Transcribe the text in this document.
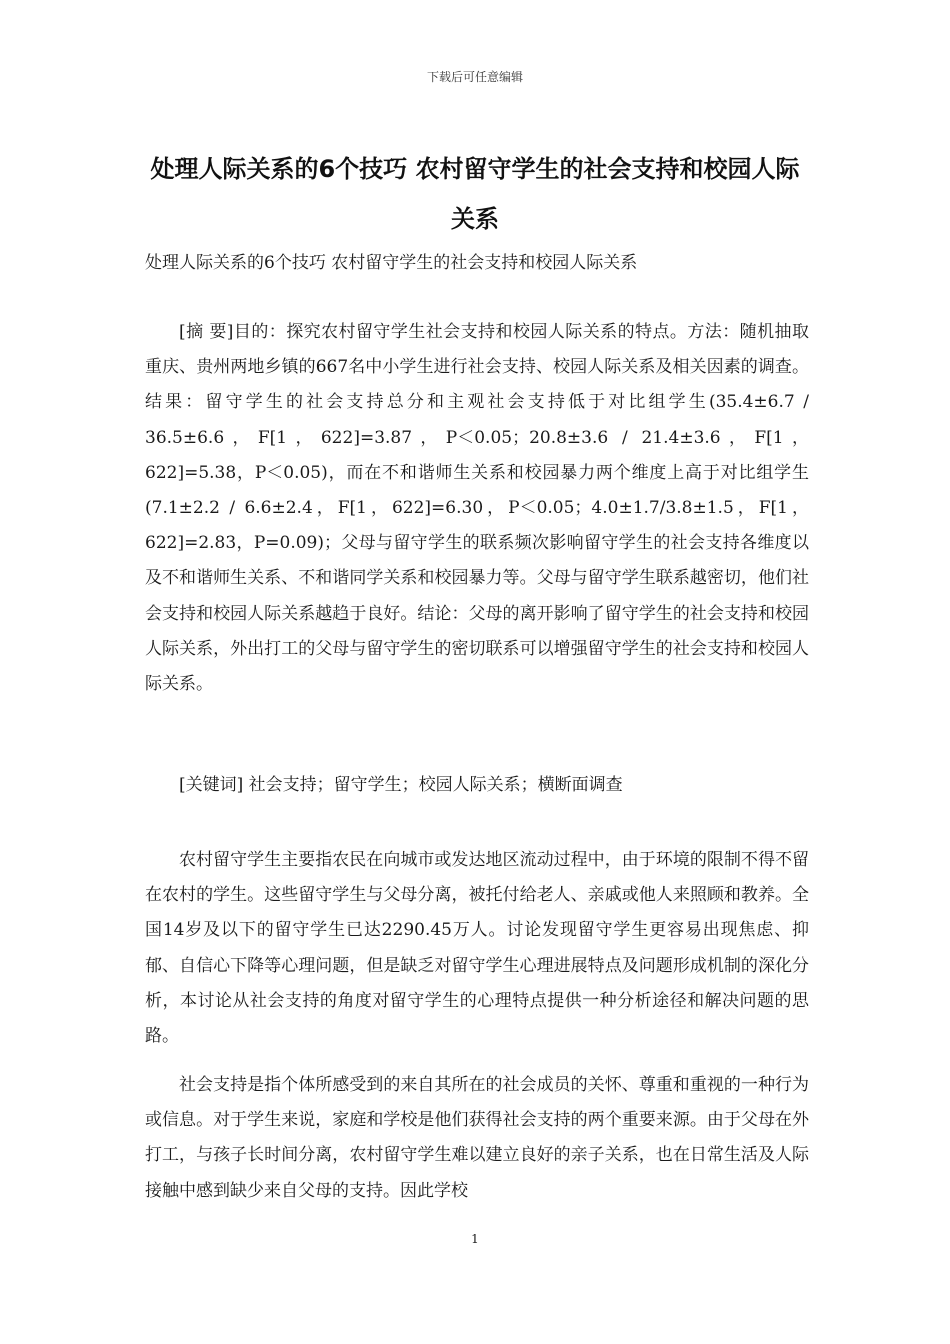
下载后可任意编辑
处理人际关系的6个技巧 农村留守学生的社会支持和校园人际关系
处理人际关系的6个技巧 农村留守学生的社会支持和校园人际关系

[摘 要]目的：探究农村留守学生社会支持和校园人际关系的特点。方法：随机抽取重庆、贵州两地乡镇的667名中小学生进行社会支持、校园人际关系及相关因素的调查。结果：留守学生的社会支持总分和主观社会支持低于对比组学生(35.4±6.7 / 36.5±6.6，F[1，622]=3.87，P＜0.05；20.8±3.6 / 21.4±3.6，F[1，622]=5.38，P＜0.05)，而在不和谐师生关系和校园暴力两个维度上高于对比组学生(7.1±2.2 / 6.6±2.4，F[1，622]=6.30，P＜0.05；4.0±1.7/3.8±1.5，F[1，622]=2.83，P=0.09)；父母与留守学生的联系频次影响留守学生的社会支持各维度以及不和谐师生关系、不和谐同学关系和校园暴力等。父母与留守学生联系越密切，他们社会支持和校园人际关系越趋于良好。结论：父母的离开影响了留守学生的社会支持和校园人际关系，外出打工的父母与留守学生的密切联系可以增强留守学生的社会支持和校园人际关系。

[关键词] 社会支持；留守学生；校园人际关系；横断面调查

农村留守学生主要指农民在向城市或发达地区流动过程中，由于环境的限制不得不留在农村的学生。这些留守学生与父母分离，被托付给老人、亲戚或他人来照顾和教养。全国14岁及以下的留守学生已达2290.45万人。讨论发现留守学生更容易出现焦虑、抑郁、自信心下降等心理问题，但是缺乏对留守学生心理进展特点及问题形成机制的深化分析，本讨论从社会支持的角度对留守学生的心理特点提供一种分析途径和解决问题的思路。

社会支持是指个体所感受到的来自其所在的社会成员的关怀、尊重和重视的一种行为或信息。对于学生来说，家庭和学校是他们获得社会支持的两个重要来源。由于父母在外打工，与孩子长时间分离，农村留守学生难以建立良好的亲子关系，也在日常生活及人际接触中感到缺少来自父母的支持。因此学校

1
